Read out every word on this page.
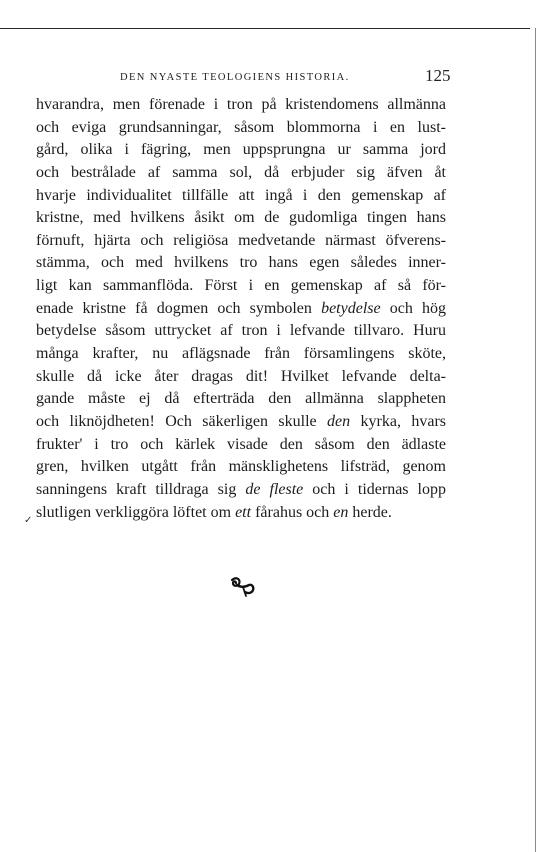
DEN NYASTE TEOLOGIENS HISTORIA.	125
hvarandra, men förenade i tron på kristendomens allmänna
och eviga grundsanningar, såsom blommorna i en lust-
gård, olika i fägring, men uppsprungna ur samma jord
och bestrålade af samma sol, då erbjuder sig äfven åt
hvarje individualitet tillfälle att ingå i den gemenskap af
kristne, med hvilkens åsikt om de gudomliga tingen hans
förnuft, hjärta och religiösa medvetande närmast öfverens-
stämma, och med hvilkens tro hans egen således inner-
ligt kan sammanflöda. Först i en gemenskap af så för-
enade kristne få dogmen och symbolen betydelse och hög
betydelse såsom uttrycket af tron i lefvande tillvaro. Huru
många krafter, nu aflägsnade från församlingens sköte,
skulle då icke åter dragas dit! Hvilket lefvande delta-
gande måste ej då efterträda den allmänna slappheten
och liknöjdheten! Och säkerligen skulle den kyrka, hvars
frukter' i tro och kärlek visade den såsom den ädlaste
gren, hvilken utgått från mänsklighetens lifsträd, genom
sanningens kraft tilldraga sig de fleste och i tidernas lopp
slutligen verkliggöra löftet om ett fårahus och en herde.
✓
